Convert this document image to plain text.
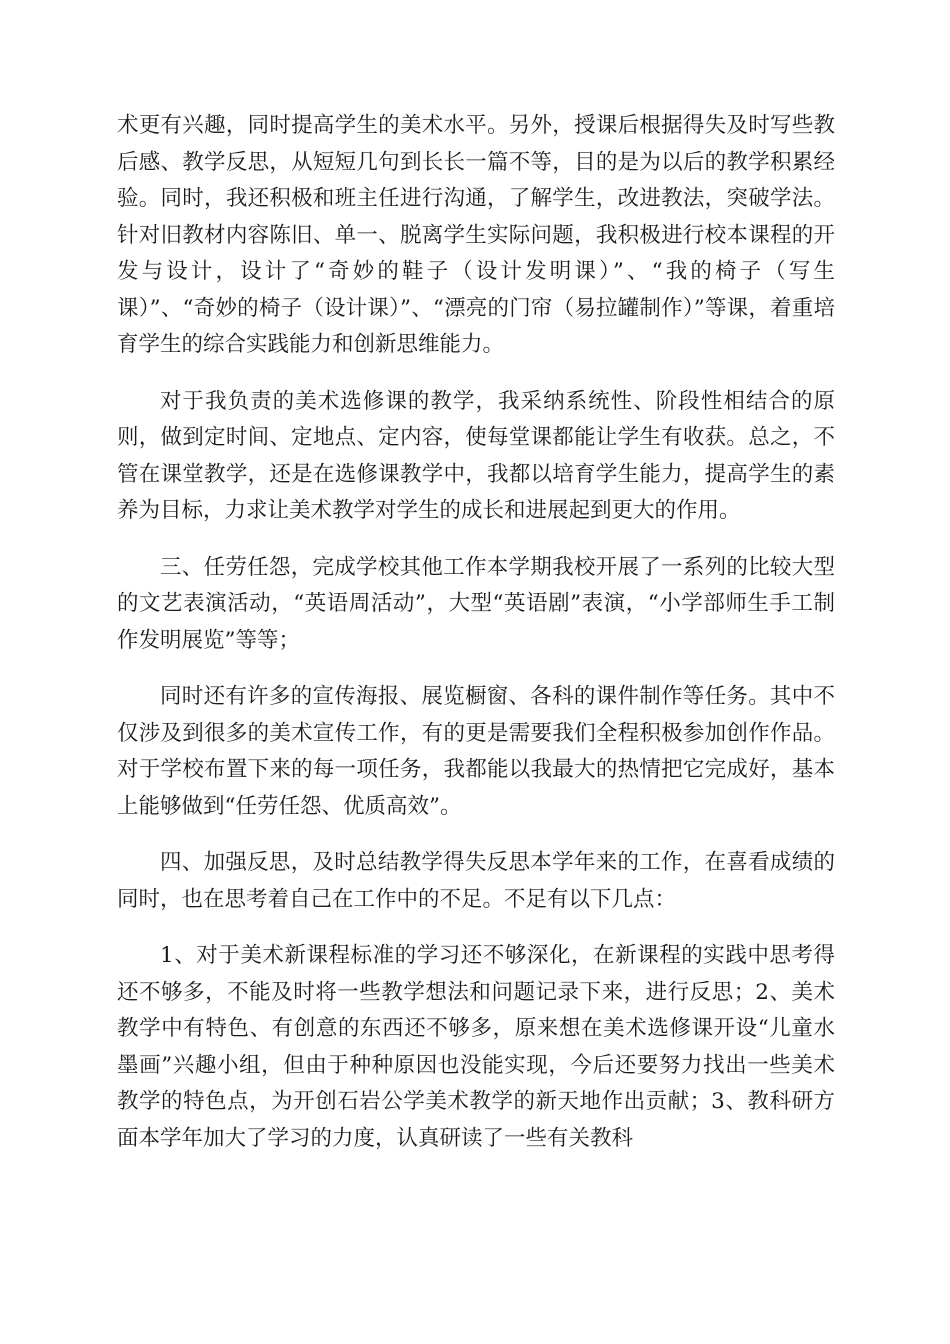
术更有兴趣，同时提高学生的美术水平。另外，授课后根据得失及时写些教后感、教学反思，从短短几句到长长一篇不等，目的是为以后的教学积累经验。同时，我还积极和班主任进行沟通，了解学生，改进教法，突破学法。针对旧教材内容陈旧、单一、脱离学生实际问题，我积极进行校本课程的开发与设计，设计了“奇妙的鞋子（设计发明课）”、“我的椅子（写生课）”、“奇妙的椅子（设计课）”、“漂亮的门帘（易拉罐制作）”等课，着重培育学生的综合实践能力和创新思维能力。

对于我负责的美术选修课的教学，我采纳系统性、阶段性相结合的原则，做到定时间、定地点、定内容，使每堂课都能让学生有收获。总之，不管在课堂教学，还是在选修课教学中，我都以培育学生能力，提高学生的素养为目标，力求让美术教学对学生的成长和进展起到更大的作用。

三、任劳任怨，完成学校其他工作本学期我校开展了一系列的比较大型的文艺表演活动，“英语周活动”，大型“英语剧”表演，“小学部师生手工制作发明展览”等等；

同时还有许多的宣传海报、展览橱窗、各科的课件制作等任务。其中不仅涉及到很多的美术宣传工作，有的更是需要我们全程积极参加创作作品。对于学校布置下来的每一项任务，我都能以我最大的热情把它完成好，基本上能够做到“任劳任怨、优质高效”。

四、加强反思，及时总结教学得失反思本学年来的工作，在喜看成绩的同时，也在思考着自己在工作中的不足。不足有以下几点：

1、对于美术新课程标准的学习还不够深化，在新课程的实践中思考得还不够多，不能及时将一些教学想法和问题记录下来，进行反思；2、美术教学中有特色、有创意的东西还不够多，原来想在美术选修课开设“儿童水墨画”兴趣小组，但由于种种原因也没能实现，今后还要努力找出一些美术教学的特色点，为开创石岩公学美术教学的新天地作出贡献；3、教科研方面本学年加大了学习的力度，认真研读了一些有关教科
